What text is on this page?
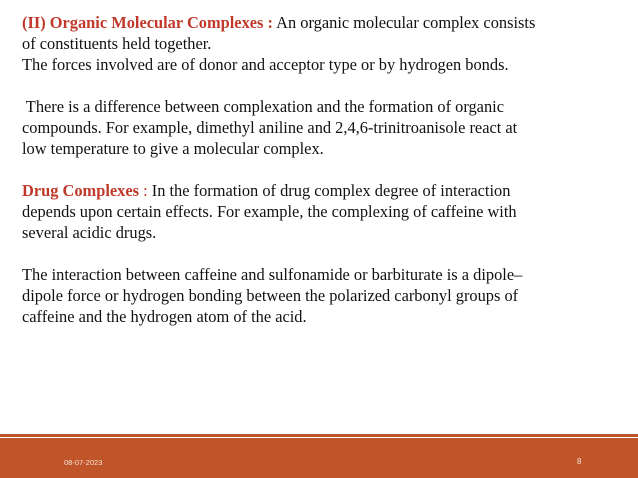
(II) Organic Molecular Complexes : An organic molecular complex consists
of constituents held together.
The forces involved are of donor and acceptor type or by hydrogen bonds.

There is a difference between complexation and the formation of organic
compounds. For example, dimethyl aniline and 2,4,6-trinitroanisole react at
low temperature to give a molecular complex.

Drug Complexes : In the formation of drug complex degree of interaction
depends upon certain effects. For example, the complexing of caffeine with
several acidic drugs.

The interaction between caffeine and sulfonamide or barbiturate is a dipole–
dipole force or hydrogen bonding between the polarized carbonyl groups of
caffeine and the hydrogen atom of the acid.

08-07-2023	8
